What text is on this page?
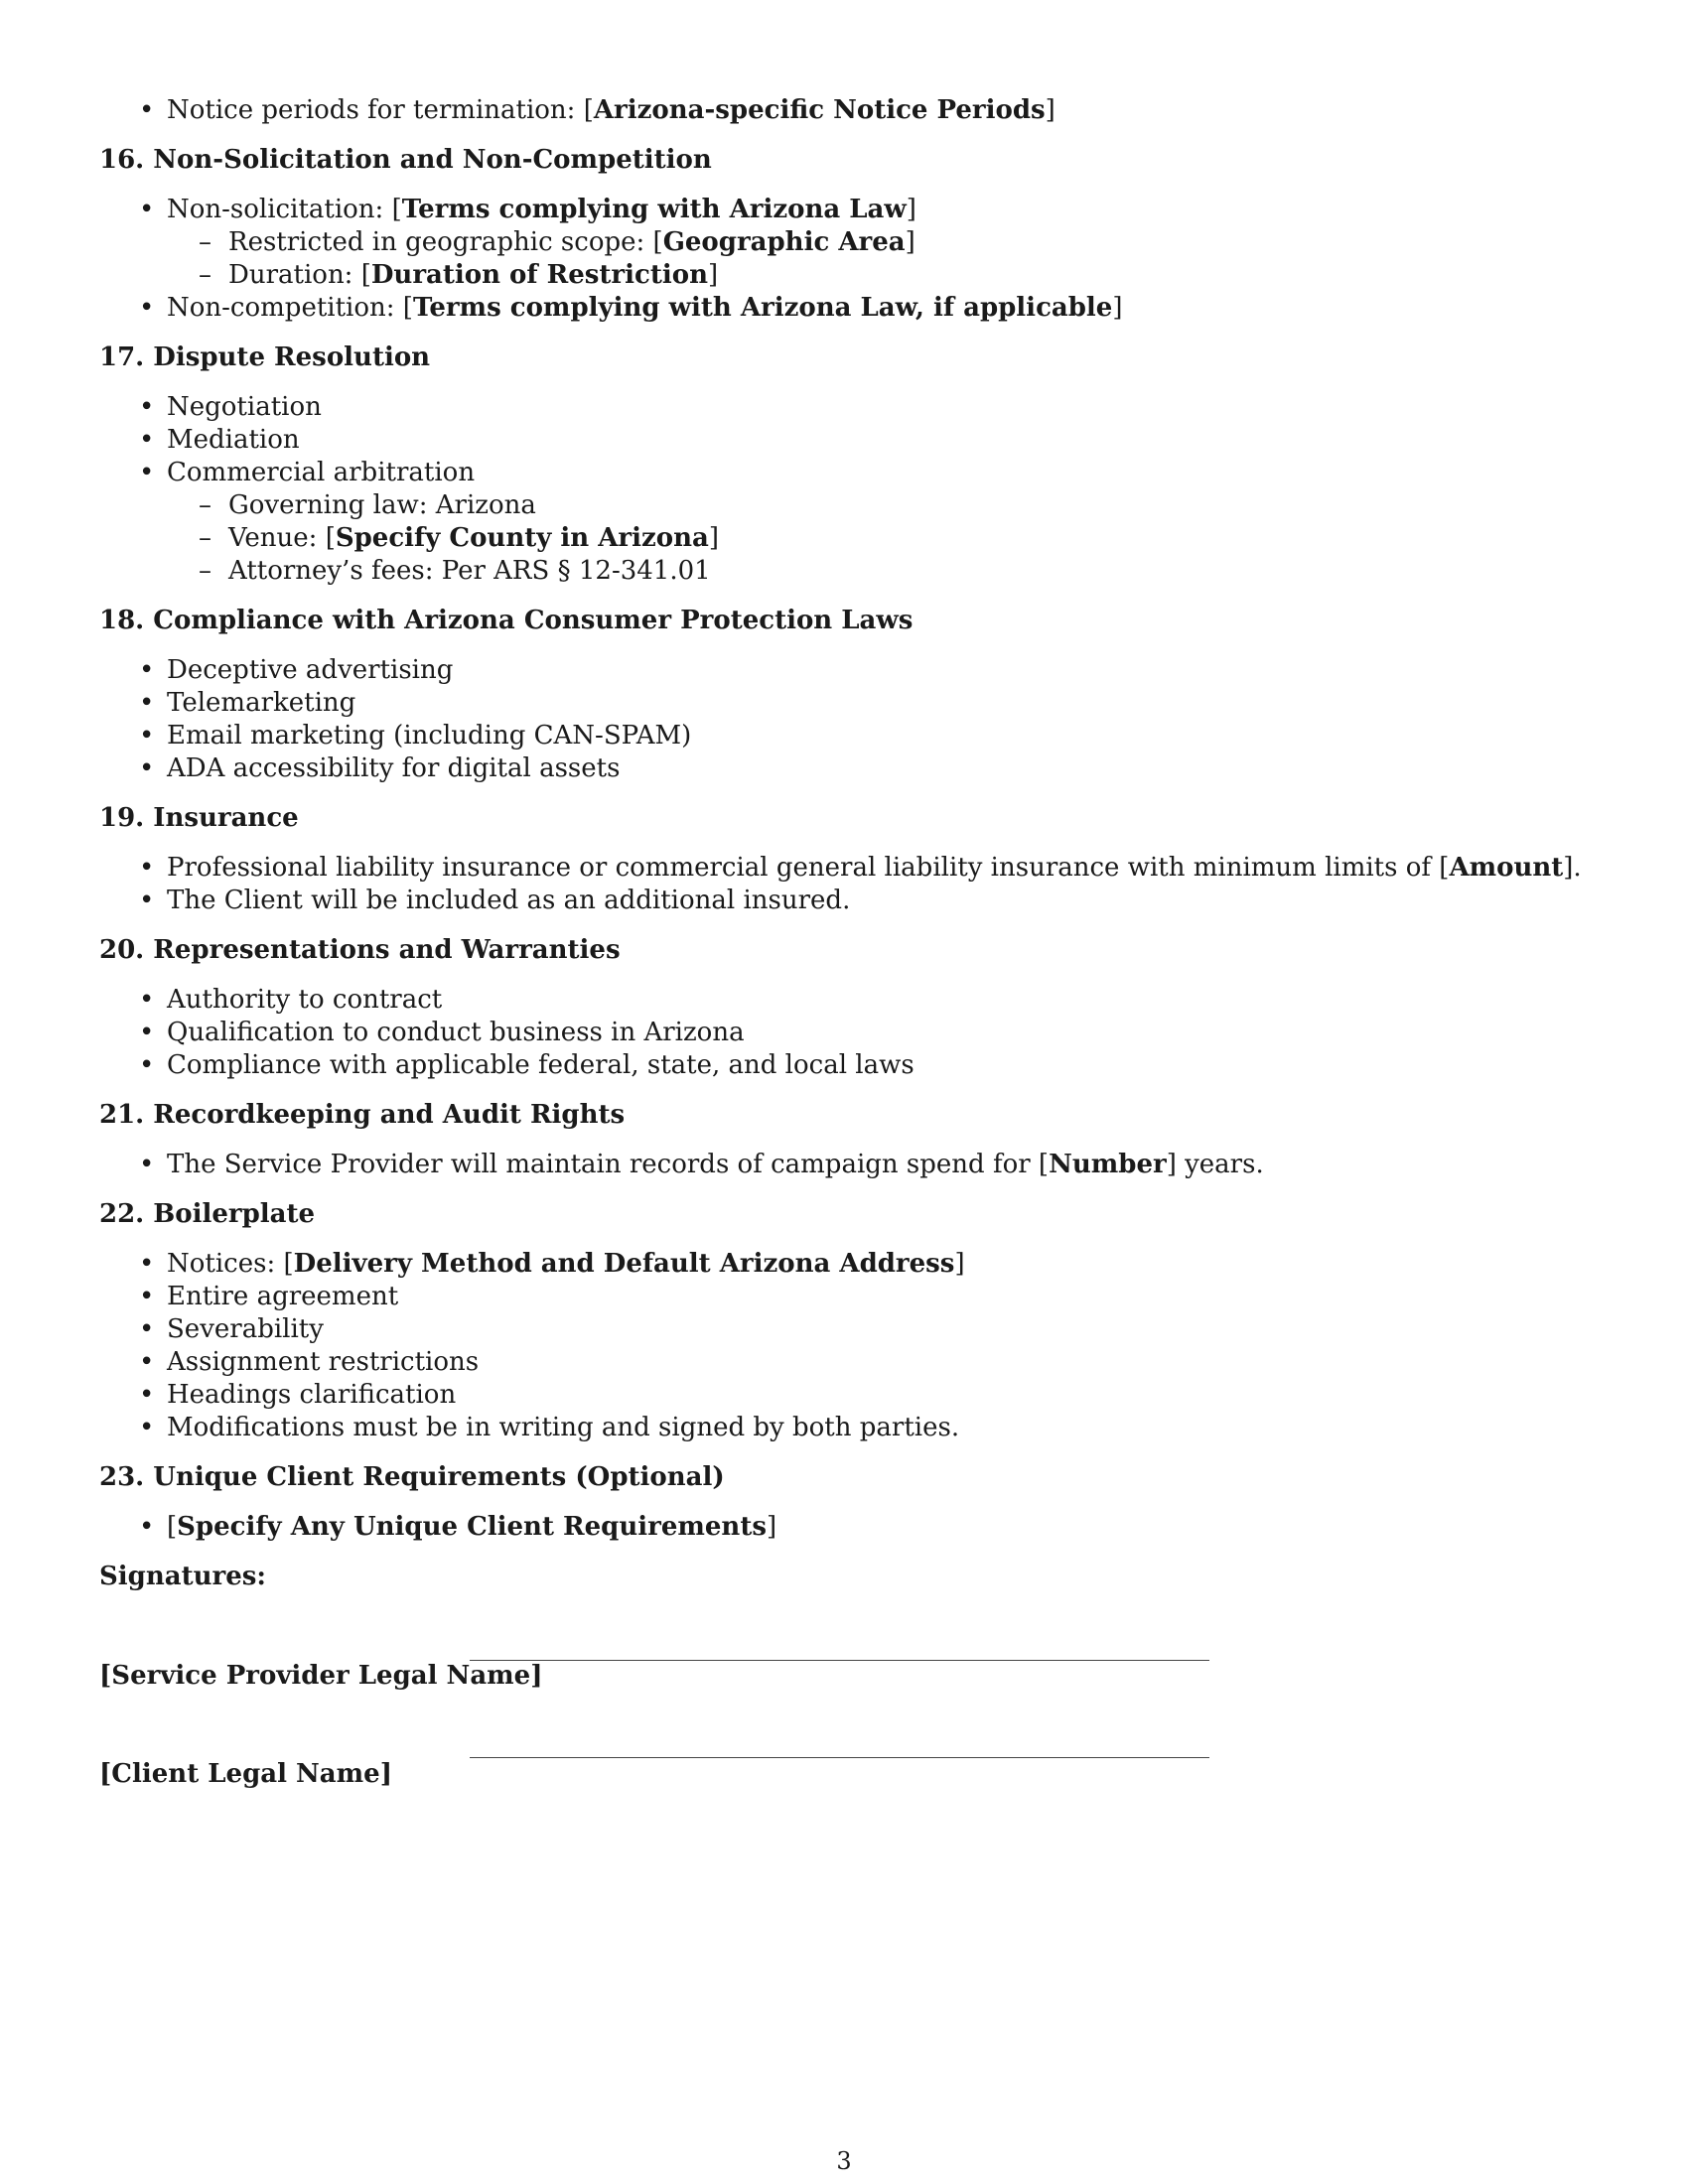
• Notice periods for termination: [Arizona-specific Notice Periods]
16. Non-Solicitation and Non-Competition
• Non-solicitation: [Terms complying with Arizona Law]
– Restricted in geographic scope: [Geographic Area]
– Duration: [Duration of Restriction]
• Non-competition: [Terms complying with Arizona Law, if applicable]
17. Dispute Resolution
• Negotiation
• Mediation
• Commercial arbitration
– Governing law: Arizona
– Venue: [Specify County in Arizona]
– Attorney’s fees: Per ARS § 12-341.01
18. Compliance with Arizona Consumer Protection Laws
• Deceptive advertising
• Telemarketing
• Email marketing (including CAN-SPAM)
• ADA accessibility for digital assets
19. Insurance
• Professional liability insurance or commercial general liability insurance with minimum limits of [Amount].
• The Client will be included as an additional insured.
20. Representations and Warranties
• Authority to contract
• Qualification to conduct business in Arizona
• Compliance with applicable federal, state, and local laws
21. Recordkeeping and Audit Rights
• The Service Provider will maintain records of campaign spend for [Number] years.
22. Boilerplate
• Notices: [Delivery Method and Default Arizona Address]
• Entire agreement
• Severability
• Assignment restrictions
• Headings clarification
• Modifications must be in writing and signed by both parties.
23. Unique Client Requirements (Optional)
• [Specify Any Unique Client Requirements]
Signatures:
[Service Provider Legal Name]
[Client Legal Name]
3
